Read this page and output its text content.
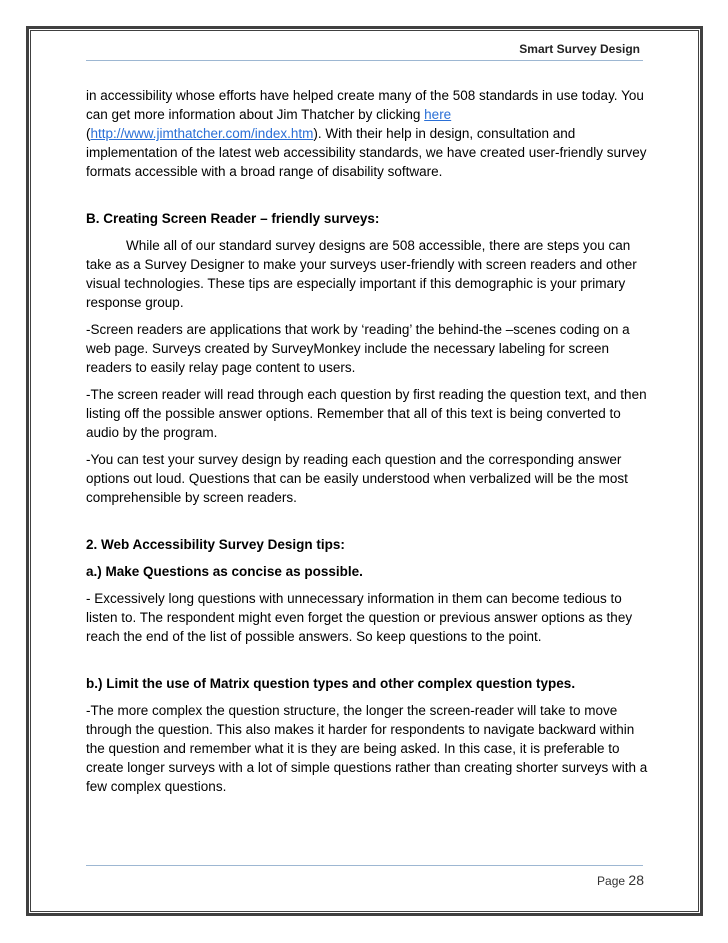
Smart Survey Design

in accessibility whose efforts have helped create many of the 508 standards in use today. You can get more information about Jim Thatcher by clicking here (http://www.jimthatcher.com/index.htm). With their help in design, consultation and implementation of the latest web accessibility standards, we have created user-friendly survey formats accessible with a broad range of disability software.

B. Creating Screen Reader – friendly surveys:

While all of our standard survey designs are 508 accessible, there are steps you can take as a Survey Designer to make your surveys user-friendly with screen readers and other visual technologies. These tips are especially important if this demographic is your primary response group.

-Screen readers are applications that work by ‘reading’ the behind-the –scenes coding on a web page. Surveys created by SurveyMonkey include the necessary labeling for screen readers to easily relay page content to users.

-The screen reader will read through each question by first reading the question text, and then listing off the possible answer options. Remember that all of this text is being converted to audio by the program.

-You can test your survey design by reading each question and the corresponding answer options out loud. Questions that can be easily understood when verbalized will be the most comprehensible by screen readers.

2. Web Accessibility Survey Design tips:

a.) Make Questions as concise as possible.

- Excessively long questions with unnecessary information in them can become tedious to listen to. The respondent might even forget the question or previous answer options as they reach the end of the list of possible answers. So keep questions to the point.

b.) Limit the use of Matrix question types and other complex question types.

-The more complex the question structure, the longer the screen-reader will take to move through the question. This also makes it harder for respondents to navigate backward within the question and remember what it is they are being asked. In this case, it is preferable to create longer surveys with a lot of simple questions rather than creating shorter surveys with a few complex questions.

Page 28
